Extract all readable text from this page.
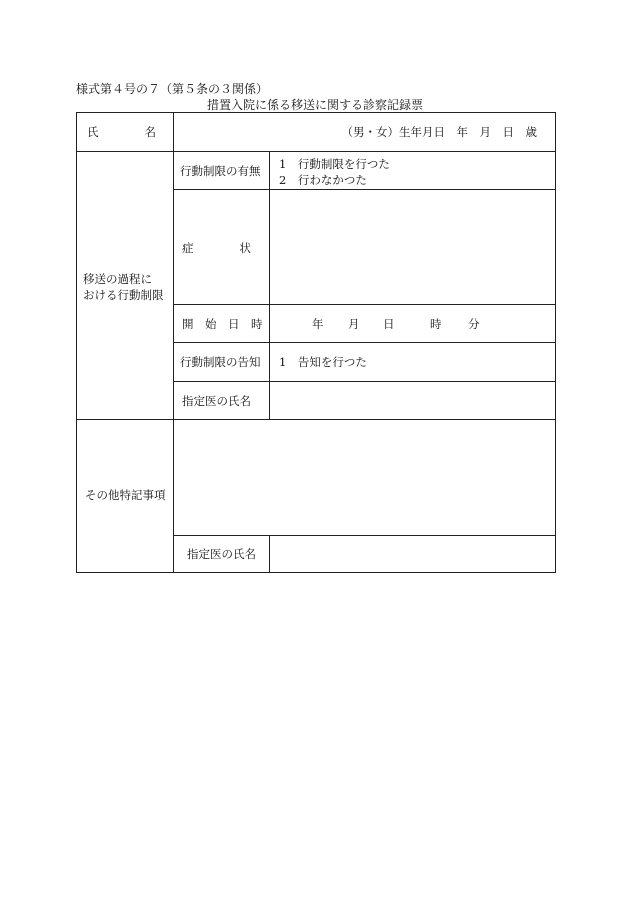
様式第４号の７（第５条の３関係）
措置入院に係る移送に関する診察記録票
氏　　　　名	（男・女）生年月日　年　月　日　歳
移送の過程に
おける行動制限
行動制限の有無 1　行動制限を行つた
2　行わなかつた
症　　　　状
開　始　日　時	年 月 日	時 分
行動制限の告知 1　告知を行つた
指定医の氏名
その他特記事項
指定医の氏名
